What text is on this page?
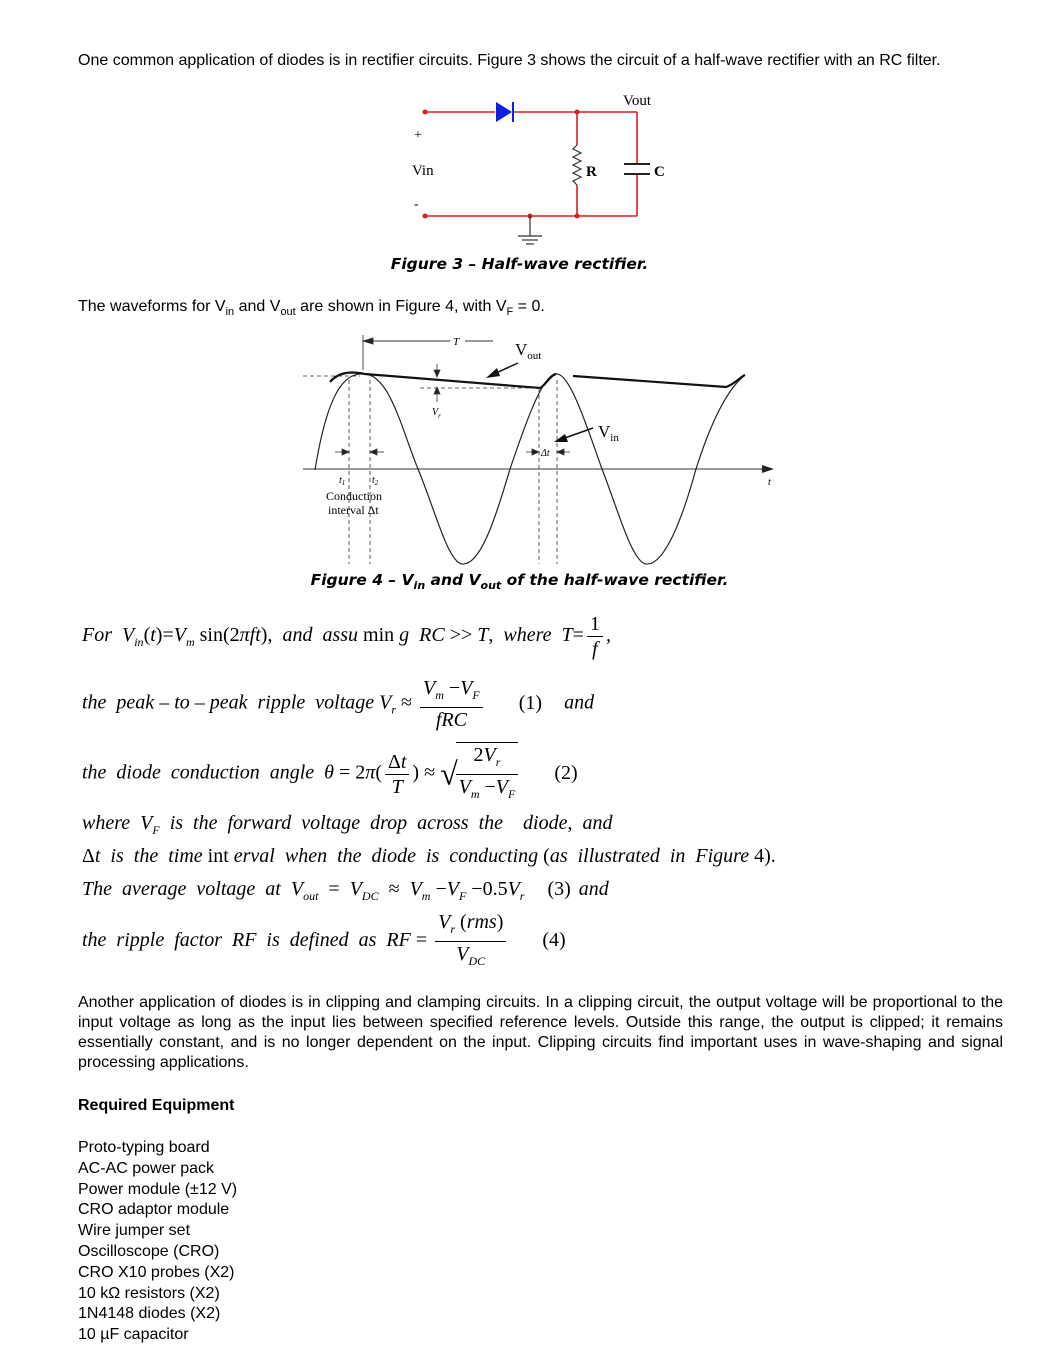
One common application of diodes is in rectifier circuits. Figure 3 shows the circuit of a half-wave rectifier with an RC filter.
Vout
+
Vin
-
R	C
Figure 3 – Half-wave rectifier.
The waveforms for $V_{in}$ and $V_{out}$ are shown in Figure 4, with $V_F = 0$.
t
T	$V_{out}$
$V_r$
$V_{in}$
Δt
$t_1$	$t_2$
Conduction
interval Δt
Figure $4 - V_{in}$ and $V_{out}$ of the half-wave rectifier.
For  $V_{in}(t)=V_m$ sin(2πft),  and  assu min g  RC >> T,  where  $T= \frac{1}{f}$ ,
the  peak – to – peak  ripple  voltage $V_r \approx \frac{V_m -V_F}{\text{fRC}} (1)$ and
the  diode  conduction  angle  $\theta = 2\pi( \frac{\Delta t}{T}$ ) ≈ √
$\frac{2V_r}{V_m -V_F} (2)$
where  $V_F$  is  the  forward  voltage  drop  across  the    diode,  and
Δt  is  the  time int erval  when  the  diode  is  conducting (as  illustrated  in  Figure 4).
The  average  voltage  at  $V_{out} = V_{DC} \approx V_m -V_F -0.5V_r$ (3) and
the  ripple  factor  RF  is  defined  as  RF = $\frac{V_r (rms)}{V_{DC}} (4)$
Another application of diodes is in clipping and clamping circuits. In a clipping circuit, the output voltage will be proportional to the input voltage as long as the input lies between specified reference levels. Outside this range, the output is clipped; it remains essentially constant, and is no longer dependent on the input. Clipping circuits find important uses in wave-shaping and signal processing applications.
Required Equipment
Proto-typing board
AC-AC power pack
Power module (±12 V)
CRO adaptor module
Wire jumper set
Oscilloscope (CRO)
CRO X10 probes (X2)
10 kΩ resistors (X2)
1N4148 diodes (X2)
10 µF capacitor
